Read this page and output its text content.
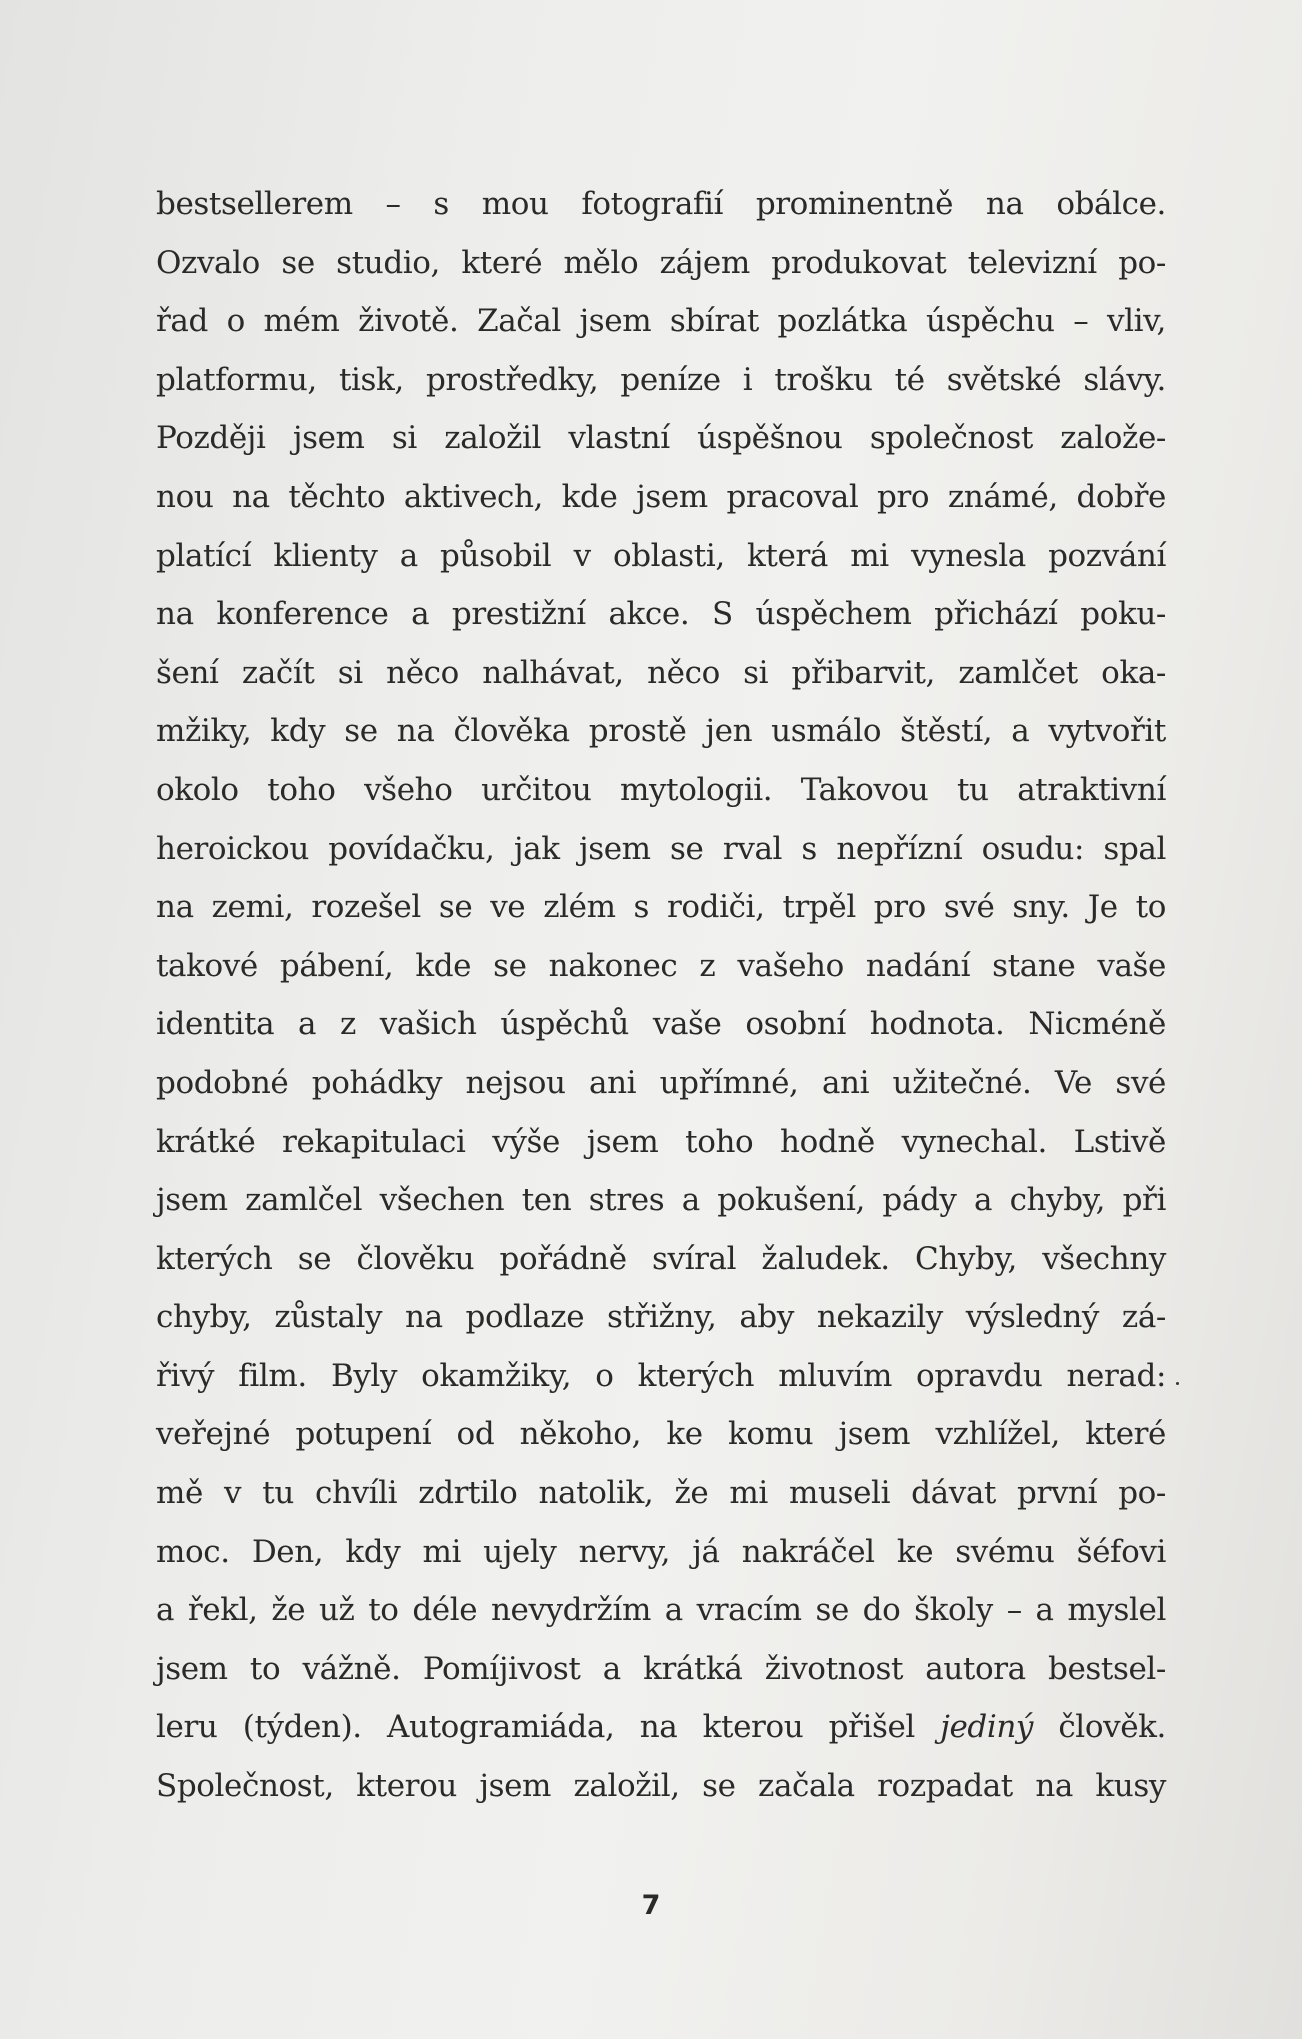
bestsellerem – s mou fotografií prominentně na obálce.
Ozvalo se studio, které mělo zájem produkovat televizní po-
řad o mém životě. Začal jsem sbírat pozlátka úspěchu – vliv,
platformu, tisk, prostředky, peníze i trošku té světské slávy.
Později jsem si založil vlastní úspěšnou společnost založe-
nou na těchto aktivech, kde jsem pracoval pro známé, dobře
platící klienty a působil v oblasti, která mi vynesla pozvání
na konference a prestižní akce. S úspěchem přichází poku-
šení začít si něco nalhávat, něco si přibarvit, zamlčet oka-
mžiky, kdy se na člověka prostě jen usmálo štěstí, a vytvořit
okolo toho všeho určitou mytologii. Takovou tu atraktivní
heroickou povídačku, jak jsem se rval s nepřízní osudu: spal
na zemi, rozešel se ve zlém s rodiči, trpěl pro své sny. Je to
takové pábení, kde se nakonec z vašeho nadání stane vaše
identita a z vašich úspěchů vaše osobní hodnota. Nicméně
podobné pohádky nejsou ani upřímné, ani užitečné. Ve své
krátké rekapitulaci výše jsem toho hodně vynechal. Lstivě
jsem zamlčel všechen ten stres a pokušení, pády a chyby, při
kterých se člověku pořádně svíral žaludek. Chyby, všechny
chyby, zůstaly na podlaze střižny, aby nekazily výsledný zá-
řivý film. Byly okamžiky, o kterých mluvím opravdu nerad:
veřejné potupení od někoho, ke komu jsem vzhlížel, které
mě v tu chvíli zdrtilo natolik, že mi museli dávat první po-
moc. Den, kdy mi ujely nervy, já nakráčel ke svému šéfovi
a řekl, že už to déle nevydržím a vracím se do školy – a myslel
jsem to vážně. Pomíjivost a krátká životnost autora bestsel-
leru (týden). Autogramiáda, na kterou přišel jediný člověk.
Společnost, kterou jsem založil, se začala rozpadat na kusy
7
